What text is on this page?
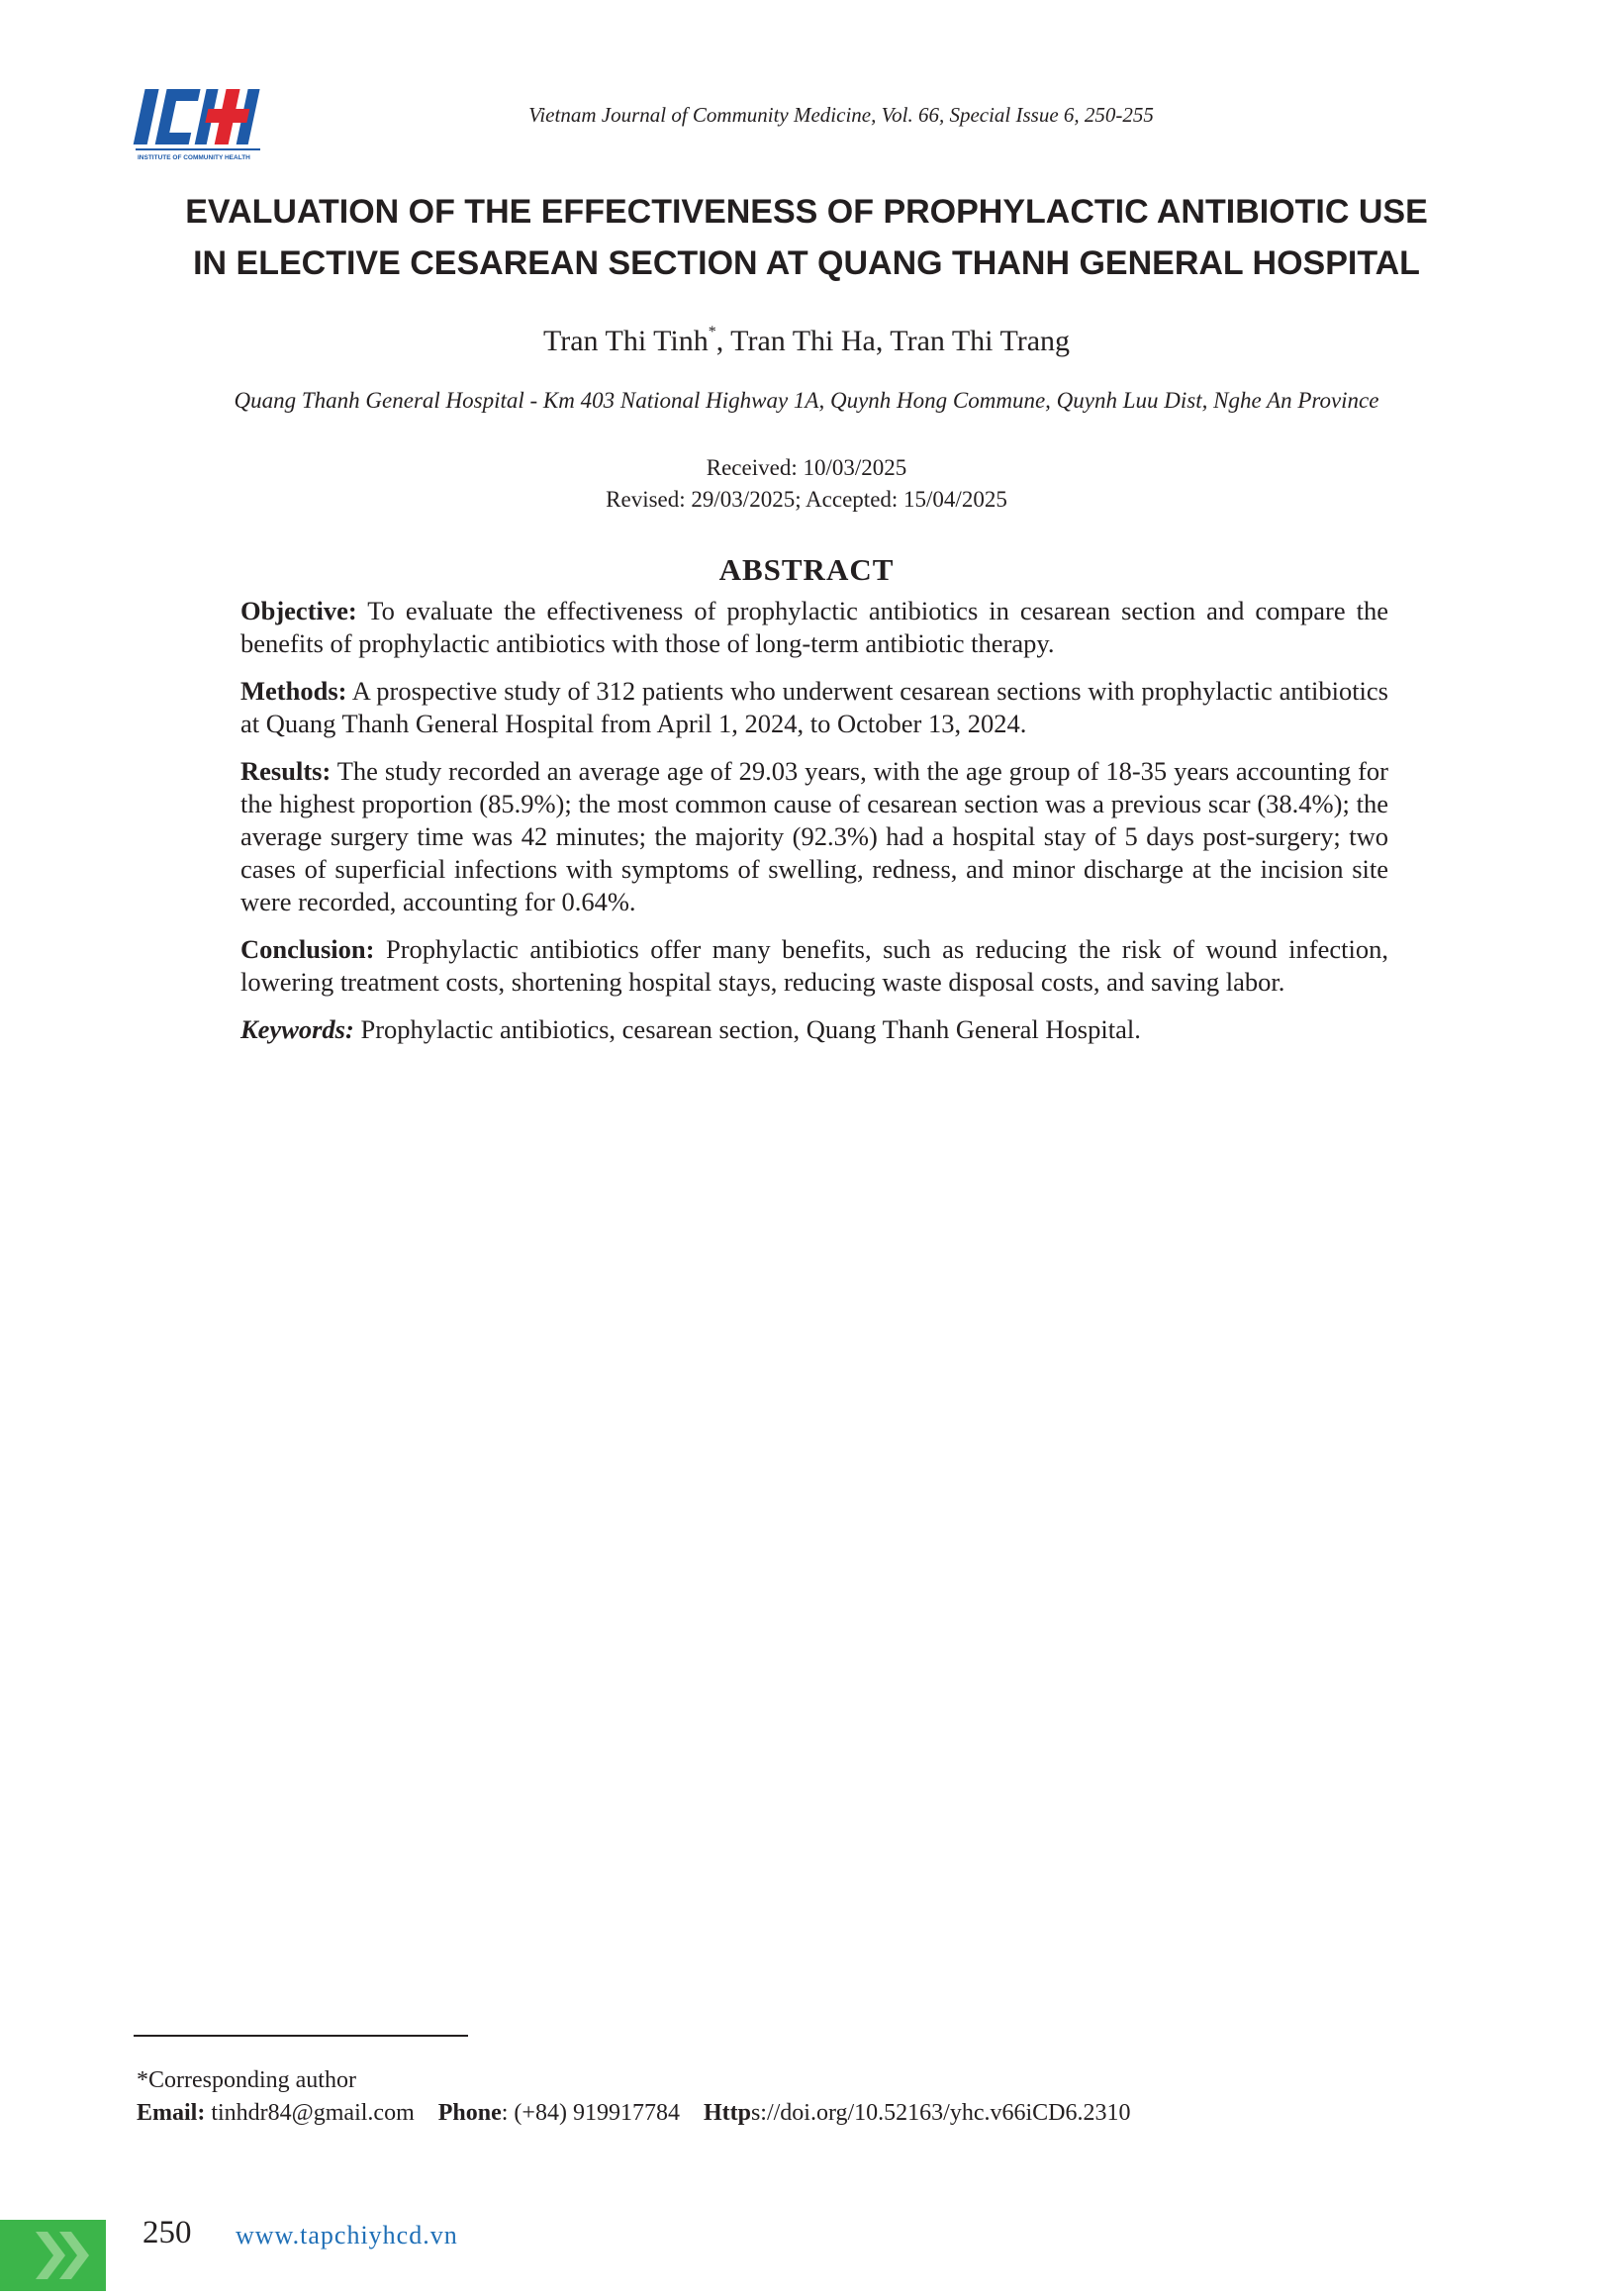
INSTITUTE OF COMMUNITY HEALTH
Vietnam Journal of Community Medicine, Vol. 66, Special Issue 6, 250-255
EVALUATION OF THE EFFECTIVENESS OF PROPHYLACTIC ANTIBIOTIC USE
IN ELECTIVE CESAREAN SECTION AT QUANG THANH GENERAL HOSPITAL
Tran Thi Tinh*, Tran Thi Ha, Tran Thi Trang
Quang Thanh General Hospital - Km 403 National Highway 1A, Quynh Hong Commune, Quynh Luu Dist, Nghe An Province
Received: 10/03/2025
Revised: 29/03/2025; Accepted: 15/04/2025
ABSTRACT

Objective: To evaluate the effectiveness of prophylactic antibiotics in cesarean section and compare the benefits of prophylactic antibiotics with those of long-term antibiotic therapy.

Methods: A prospective study of 312 patients who underwent cesarean sections with prophylactic antibiotics at Quang Thanh General Hospital from April 1, 2024, to October 13, 2024.

Results: The study recorded an average age of 29.03 years, with the age group of 18-35 years accounting for the highest proportion (85.9%); the most common cause of cesarean section was a previous scar (38.4%); the average surgery time was 42 minutes; the majority (92.3%) had a hospital stay of 5 days post-surgery; two cases of superficial infections with symptoms of swelling, redness, and minor discharge at the incision site were recorded, accounting for 0.64%.

Conclusion: Prophylactic antibiotics offer many benefits, such as reducing the risk of wound infection, lowering treatment costs, shortening hospital stays, reducing waste disposal costs, and saving labor.

Keywords: Prophylactic antibiotics, cesarean section, Quang Thanh General Hospital.

*Corresponding author
Email: tinhdr84@gmail.com Phone: (+84) 919917784 Https://doi.org/10.52163/yhc.v66iCD6.2310
250 www.tapchiyhcd.vn
